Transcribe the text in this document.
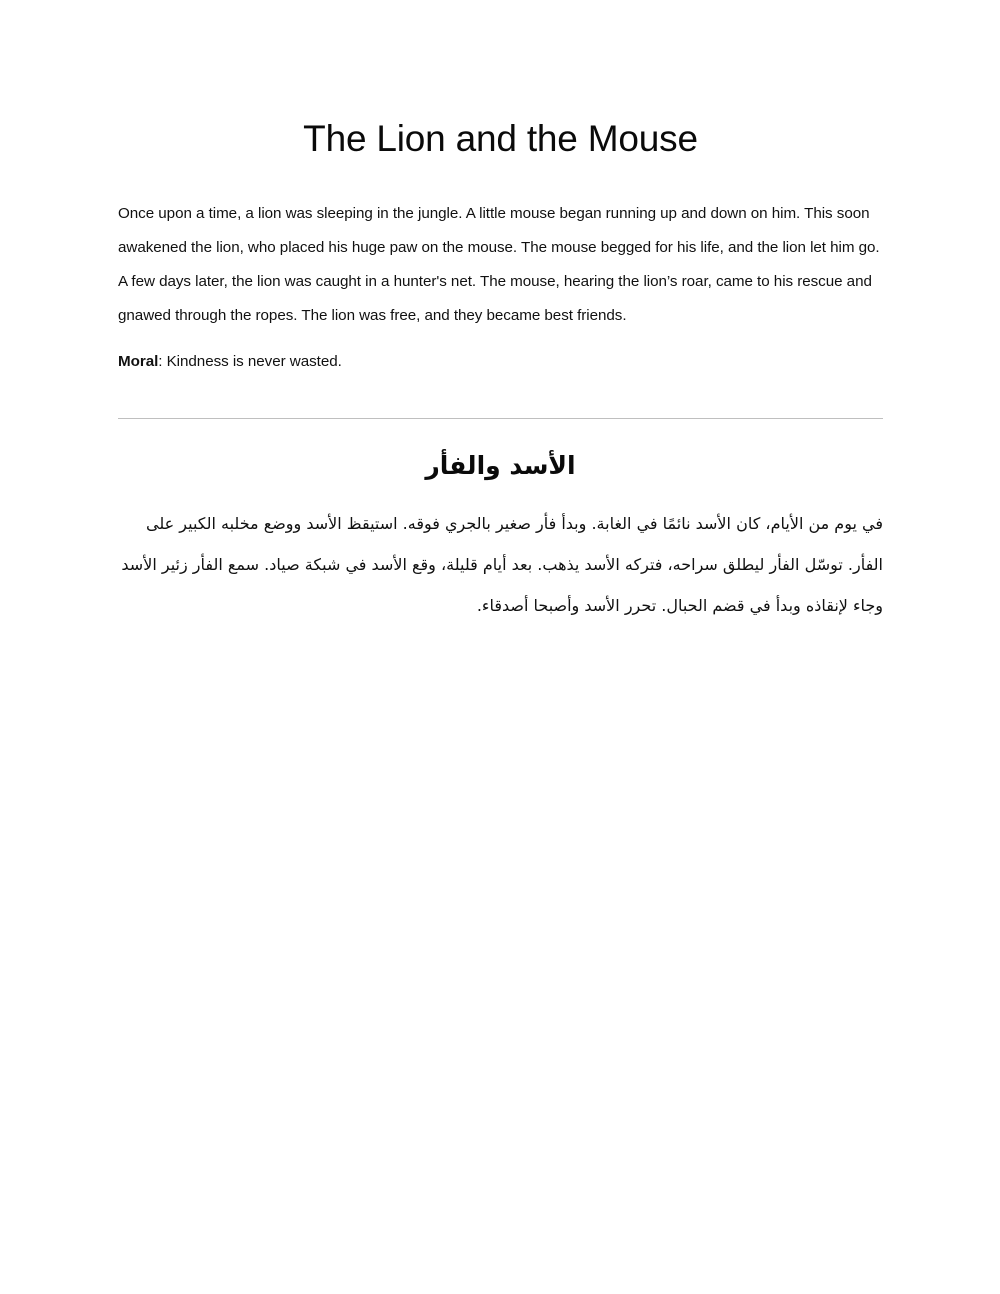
The Lion and the Mouse

Once upon a time, a lion was sleeping in the jungle. A little mouse began running up and down on him. This soon awakened the lion, who placed his huge paw on the mouse. The mouse begged for his life, and the lion let him go. A few days later, the lion was caught in a hunter's net. The mouse, hearing the lion’s roar, came to his rescue and gnawed through the ropes. The lion was free, and they became best friends.

Moral: Kindness is never wasted.

الأسد والفأر

في يوم من الأيام، كان الأسد نائمًا في الغابة. وبدأ فأر صغير بالجري فوقه. استيقظ الأسد ووضع مخلبه الكبير على الفأر. توسّل الفأر ليطلق سراحه، فتركه الأسد يذهب. بعد أيام قليلة، وقع الأسد في شبكة صياد. سمع الفأر زئير الأسد وجاء لإنقاذه وبدأ في قضم الحبال. تحرر الأسد وأصبحا أصدقاء.
